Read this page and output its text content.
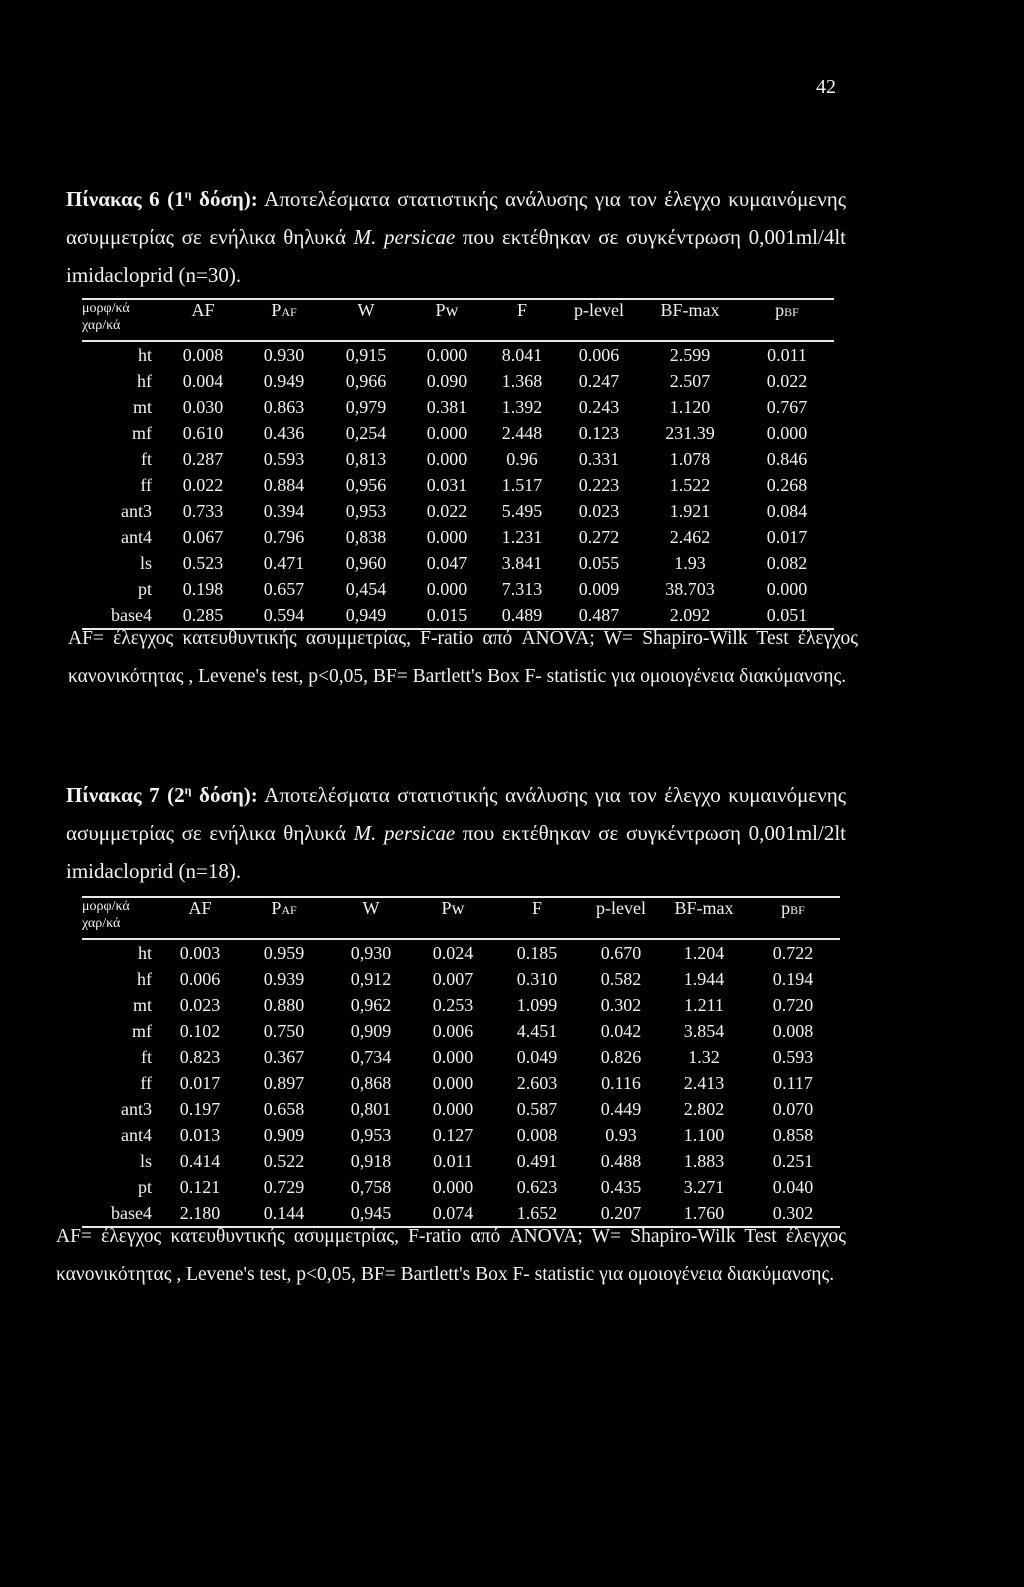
42
Πίνακας 6 ($1^\eta$ δόση): Αποτελέσματα στατιστικής ανάλυσης για τον έλεγχο κυμαινόμενης ασυμμετρίας σε ενήλικα θηλυκά M. persicae που εκτέθηκαν σε συγκέντρωση 0,001ml/4lt imidacloprid (n=30).
μορφ/κά
χαρ/κά	AF	PAF	W	Pw	F	p-level	BF-max	pBF
ht	0.008	0.930	0,915	0.000	8.041	0.006	2.599	0.011
hf	0.004	0.949	0,966	0.090	1.368	0.247	2.507	0.022
mt	0.030	0.863	0,979	0.381	1.392	0.243	1.120	0.767
mf	0.610	0.436	0,254	0.000	2.448	0.123	231.39	0.000
ft	0.287	0.593	0,813	0.000	0.96	0.331	1.078	0.846
ff	0.022	0.884	0,956	0.031	1.517	0.223	1.522	0.268
ant3	0.733	0.394	0,953	0.022	5.495	0.023	1.921	0.084
ant4	0.067	0.796	0,838	0.000	1.231	0.272	2.462	0.017
ls	0.523	0.471	0,960	0.047	3.841	0.055	1.93	0.082
pt	0.198	0.657	0,454	0.000	7.313	0.009	38.703	0.000
base4	0.285	0.594	0,949	0.015	0.489	0.487	2.092	0.051
AF= έλεγχος κατευθυντικής ασυμμετρίας, F-ratio από ANOVA; W= Shapiro-Wilk Test έλεγχος κανονικότητας , Levene's test, p<0,05, BF= Bartlett's Box F- statistic για ομοιογένεια διακύμανσης.
Πίνακας 7 ($2^\eta$ δόση): Αποτελέσματα στατιστικής ανάλυσης για τον έλεγχο κυμαινόμενης ασυμμετρίας σε ενήλικα θηλυκά M. persicae που εκτέθηκαν σε συγκέντρωση 0,001ml/2lt imidacloprid (n=18).
μορφ/κά
χαρ/κά	AF	PAF	W	Pw	F	p-level	BF-max	pBF
ht	0.003	0.959	0,930	0.024	0.185	0.670	1.204	0.722
hf	0.006	0.939	0,912	0.007	0.310	0.582	1.944	0.194
mt	0.023	0.880	0,962	0.253	1.099	0.302	1.211	0.720
mf	0.102	0.750	0,909	0.006	4.451	0.042	3.854	0.008
ft	0.823	0.367	0,734	0.000	0.049	0.826	1.32	0.593
ff	0.017	0.897	0,868	0.000	2.603	0.116	2.413	0.117
ant3	0.197	0.658	0,801	0.000	0.587	0.449	2.802	0.070
ant4	0.013	0.909	0,953	0.127	0.008	0.93	1.100	0.858
ls	0.414	0.522	0,918	0.011	0.491	0.488	1.883	0.251
pt	0.121	0.729	0,758	0.000	0.623	0.435	3.271	0.040
base4	2.180	0.144	0,945	0.074	1.652	0.207	1.760	0.302
AF= έλεγχος κατευθυντικής ασυμμετρίας, F-ratio από ANOVA; W= Shapiro-Wilk Test έλεγχος κανονικότητας , Levene's test, p<0,05, BF= Bartlett's Box F- statistic για ομοιογένεια διακύμανσης.
